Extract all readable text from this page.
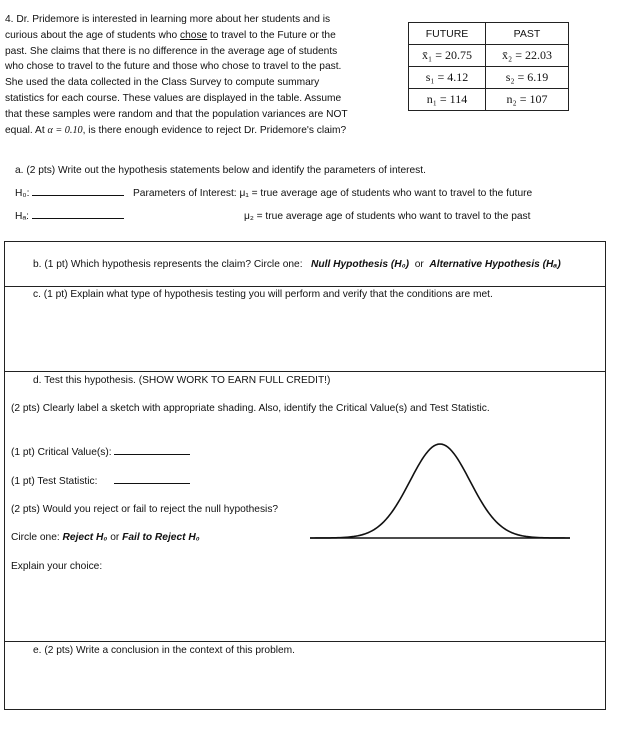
4. Dr. Pridemore is interested in learning more about her students and is
curious about the age of students who chose to travel to the Future or the
past. She claims that there is no difference in the average age of students
who chose to travel to the future and those who chose to travel to the past.
She used the data collected in the Class Survey to compute summary
statistics for each course. These values are displayed in the table. Assume
that these samples were random and that the population variances are NOT
equal. At α = 0.10, is there enough evidence to reject Dr. Pridemore's claim?
FUTURE	PAST
x̄₁ = 20.75	x̄₂ = 22.03
s₁ = 4.12	s₂ = 6.19
n₁ = 114	n₂ = 107
a. (2 pts) Write out the hypothesis statements below and identify the parameters of interest.
H₀:	Parameters of Interest: μ₁ = true average age of students who want to travel to the future
Hₐ:	μ₂ = true average age of students who want to travel to the past
b. (1 pt) Which hypothesis represents the claim? Circle one: Null Hypothesis (H₀) or Alternative Hypothesis (Hₐ)
c. (1 pt) Explain what type of hypothesis testing you will perform and verify that the conditions are met.
d. Test this hypothesis. (SHOW WORK TO EARN FULL CREDIT!)
(2 pts) Clearly label a sketch with appropriate shading. Also, identify the Critical Value(s) and Test Statistic.
(1 pt) Critical Value(s):
(1 pt) Test Statistic:
(2 pts) Would you reject or fail to reject the null hypothesis?
Circle one: Reject H₀ or Fail to Reject H₀
Explain your choice:
e. (2 pts) Write a conclusion in the context of this problem.
